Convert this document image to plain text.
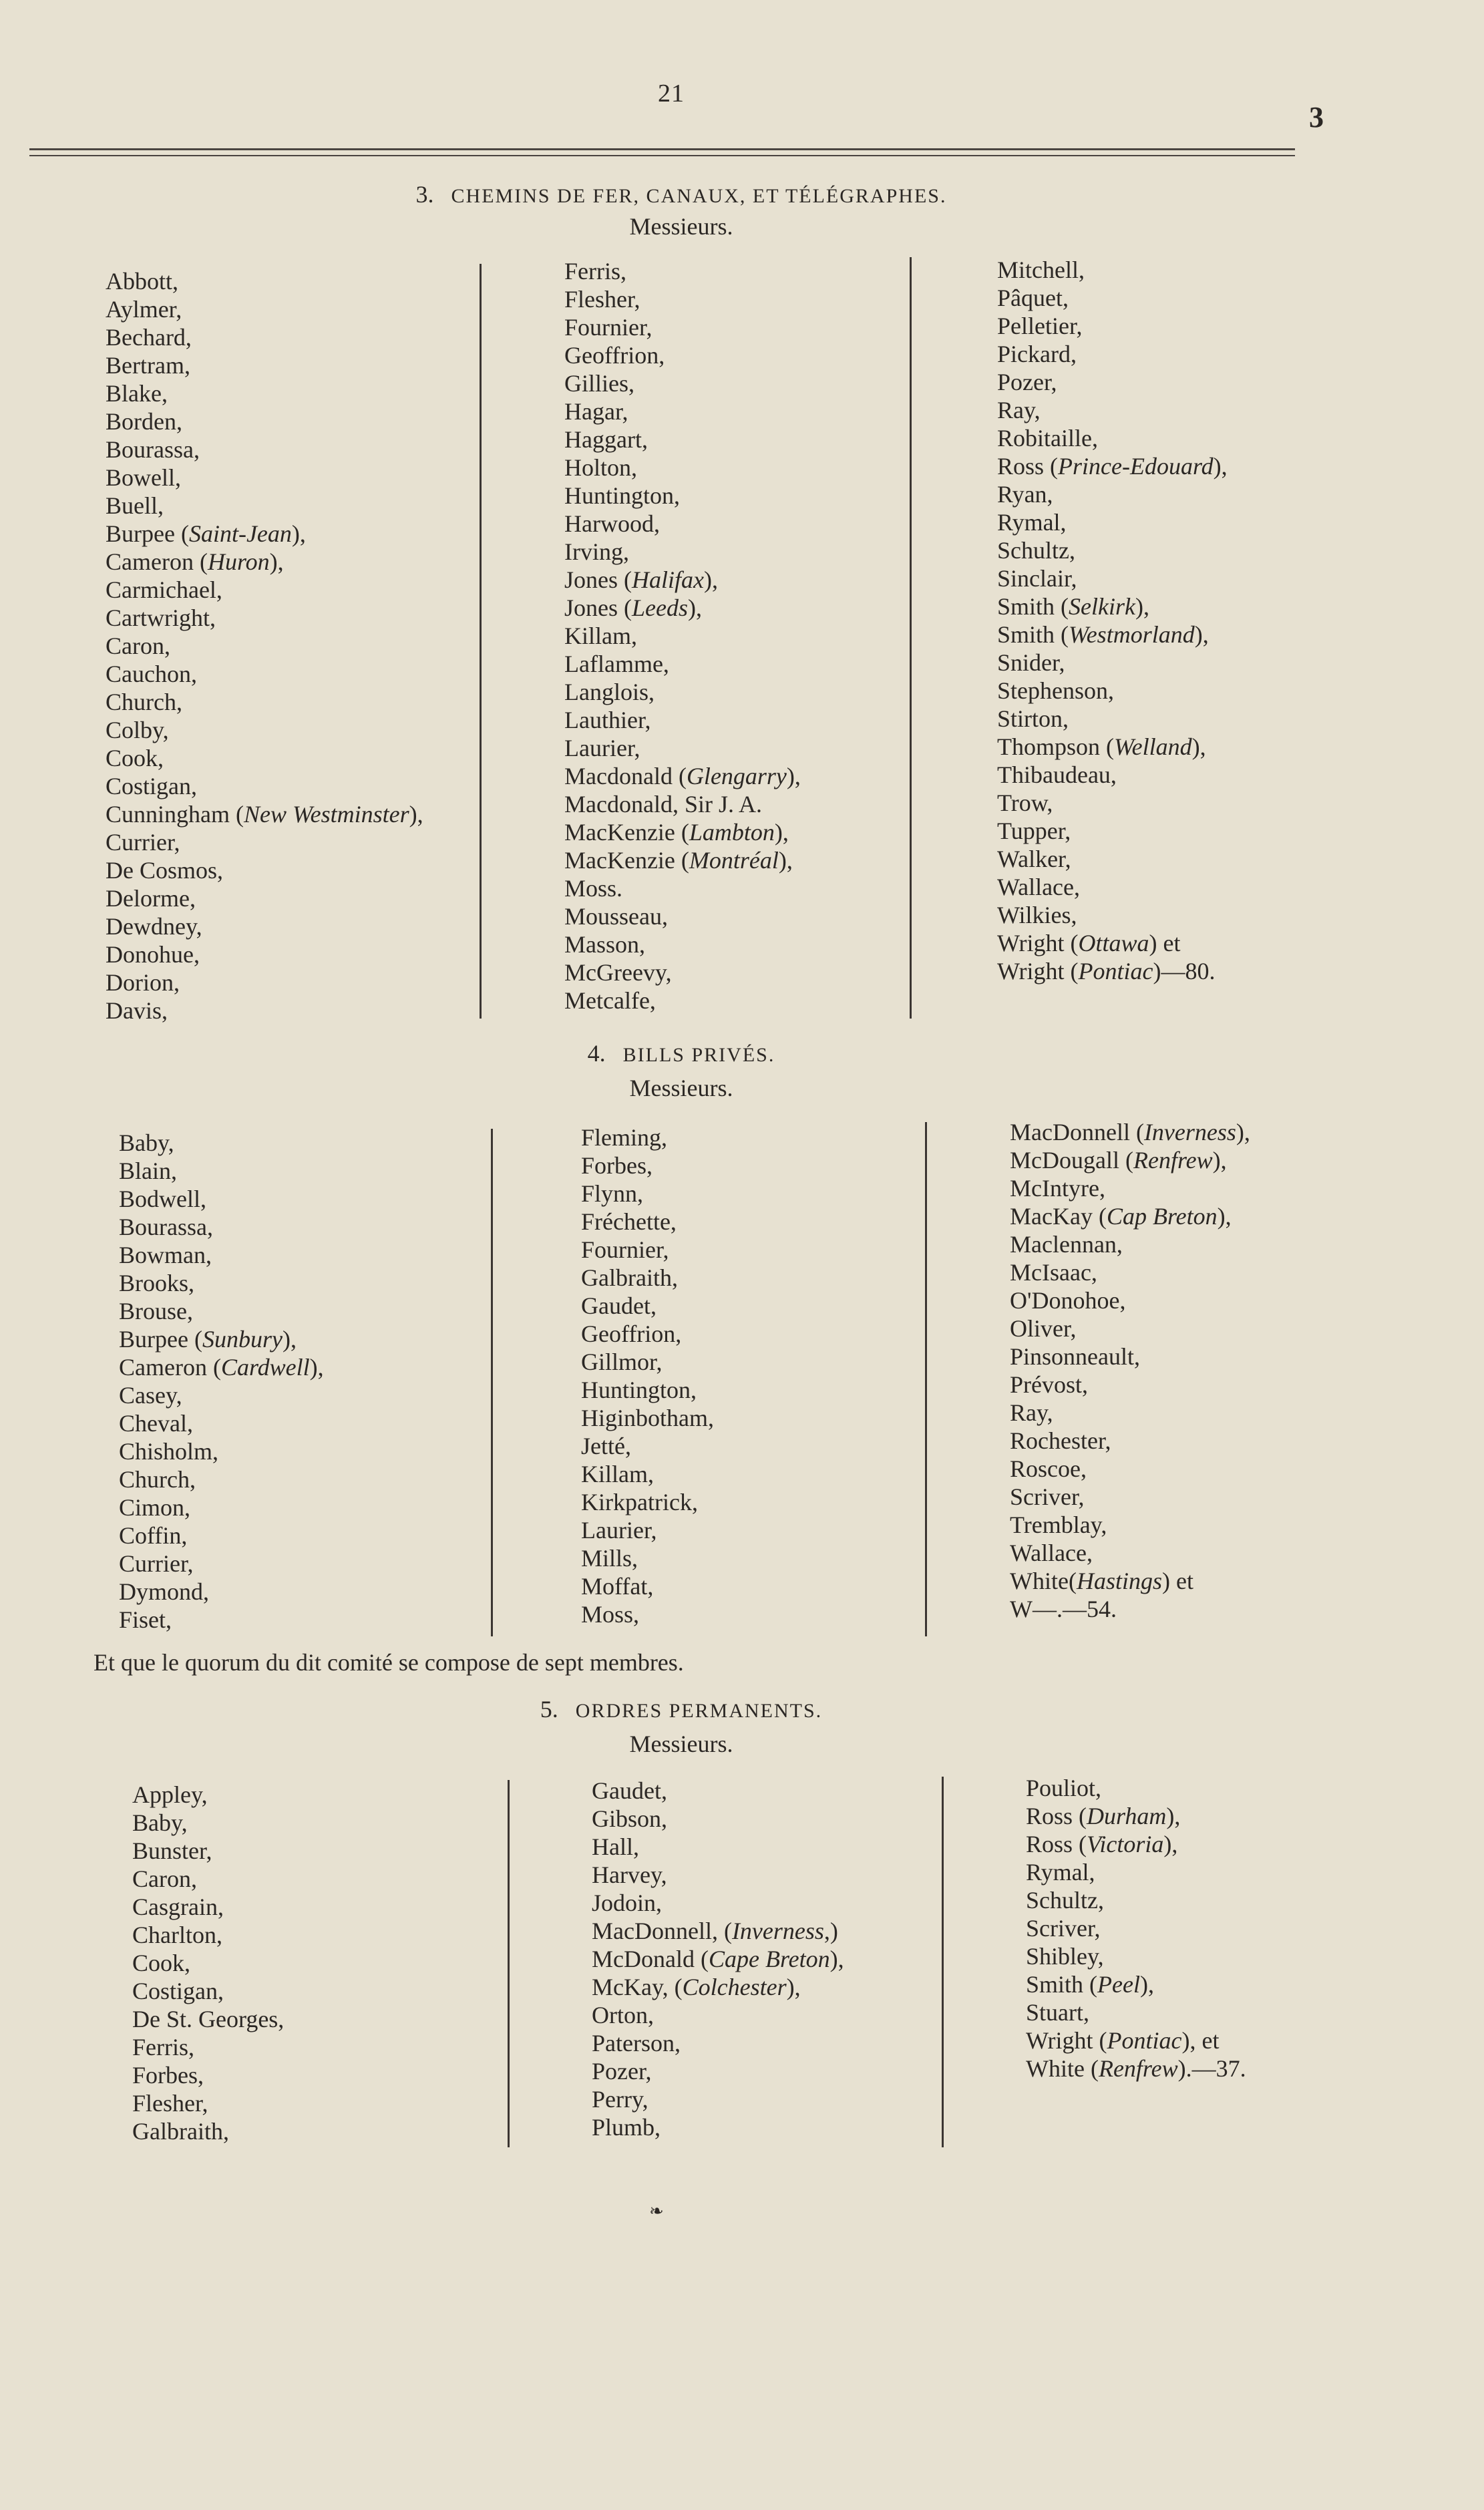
21
3
3. CHEMINS DE FER, CANAUX, ET TÉLÉGRAPHES.
Messieurs.
Abbott,
Aylmer,
Bechard,
Bertram,
Blake,
Borden,
Bourassa,
Bowell,
Buell,
Burpee (Saint-Jean),
Cameron (Huron),
Carmichael,
Cartwright,
Caron,
Cauchon,
Church,
Colby,
Cook,
Costigan,
Cunningham (New Westminster),
Currier,
De Cosmos,
Delorme,
Dewdney,
Donohue,
Dorion,
Davis,
Ferris,
Flesher,
Fournier,
Geoffrion,
Gillies,
Hagar,
Haggart,
Holton,
Huntington,
Harwood,
Irving,
Jones (Halifax),
Jones (Leeds),
Killam,
Laflamme,
Langlois,
Lauthier,
Laurier,
Macdonald (Glengarry),
Macdonald, Sir J. A.
MacKenzie (Lambton),
MacKenzie (Montréal),
Moss.
Mousseau,
Masson,
McGreevy,
Metcalfe,
Mitchell,
Pâquet,
Pelletier,
Pickard,
Pozer,
Ray,
Robitaille,
Ross (Prince-Edouard),
Ryan,
Rymal,
Schultz,
Sinclair,
Smith (Selkirk),
Smith (Westmorland),
Snider,
Stephenson,
Stirton,
Thompson (Welland),
Thibaudeau,
Trow,
Tupper,
Walker,
Wallace,
Wilkies,
Wright (Ottawa) et
Wright (Pontiac)—80.
4. BILLS PRIVÉS.
Messieurs.
Baby,
Blain,
Bodwell,
Bourassa,
Bowman,
Brooks,
Brouse,
Burpee (Sunbury),
Cameron (Cardwell),
Casey,
Cheval,
Chisholm,
Church,
Cimon,
Coffin,
Currier,
Dymond,
Fiset,
Fleming,
Forbes,
Flynn,
Fréchette,
Fournier,
Galbraith,
Gaudet,
Geoffrion,
Gillmor,
Huntington,
Higinbotham,
Jetté,
Killam,
Kirkpatrick,
Laurier,
Mills,
Moffat,
Moss,
MacDonnell (Inverness),
McDougall (Renfrew),
McIntyre,
MacKay (Cap Breton),
Maclennan,
McIsaac,
O'Donohoe,
Oliver,
Pinsonneault,
Prévost,
Ray,
Rochester,
Roscoe,
Scriver,
Tremblay,
Wallace,
White(Hastings) et
W—.—54.
Et que le quorum du dit comité se compose de sept membres.
5. ORDRES PERMANENTS.
Messieurs.
Appley,
Baby,
Bunster,
Caron,
Casgrain,
Charlton,
Cook,
Costigan,
De St. Georges,
Ferris,
Forbes,
Flesher,
Galbraith,
Gaudet,
Gibson,
Hall,
Harvey,
Jodoin,
MacDonnell, (Inverness,)
McDonald (Cape Breton),
McKay, (Colchester),
Orton,
Paterson,
Pozer,
Perry,
Plumb,
Pouliot,
Ross (Durham),
Ross (Victoria),
Rymal,
Schultz,
Scriver,
Shibley,
Smith (Peel),
Stuart,
Wright (Pontiac), et
White (Renfrew).—37.
❧
